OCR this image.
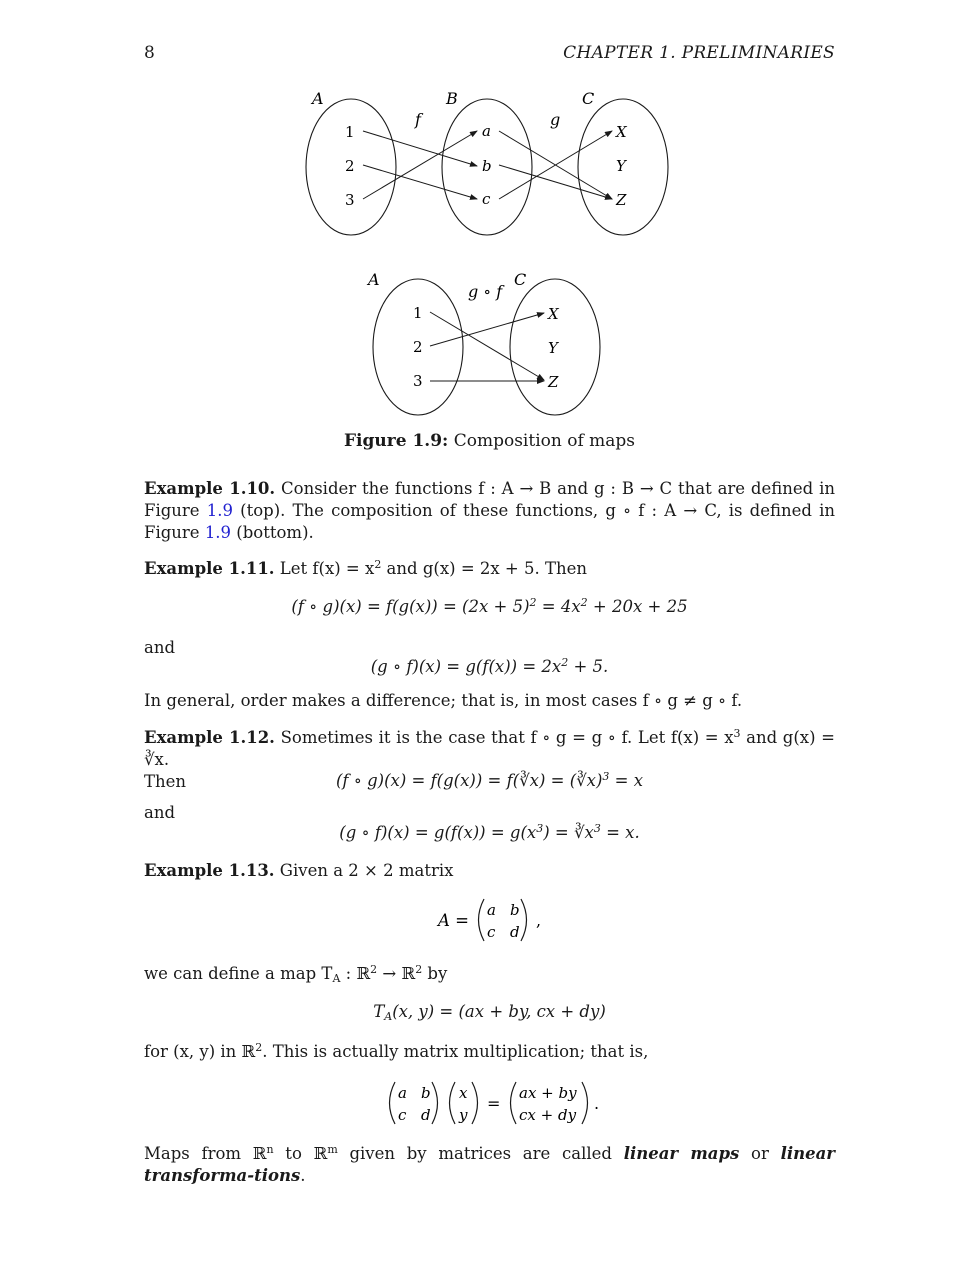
8	CHAPTER 1. PRELIMINARIES
A	B	C
f	g
1
2
3
a
b
c
X
Y
Z
A	C
g ∘ f
1
2
3
X
Y
Z
Figure 1.9: Composition of maps
Example 1.10. Consider the functions f : A → B and g : B → C that are defined in Figure 1.9 (top). The composition of these functions, g ∘ f : A → C, is defined in Figure 1.9 (bottom).
Example 1.11. Let $f(x) = x^2$ and g(x) = 2x + 5. Then
(f ∘ $g)(x) = f(g(x)) = (2x + 5)^2 = 4x^2 + 20x + 25$
and
(g ∘ $f)(x) = g(f(x)) = 2x^2 + 5$.
In general, order makes a difference; that is, in most cases f ∘ g ≠ g ∘ f.
Example 1.12. Sometimes it is the case that f ∘ g = g ∘ f. Let $f(x) = x^3$ and g(x) = ∛x.
Then	(f ∘ g)(x) = f(g(x)) = f(∛x) = (∛x)$^3$ = x
and
(g ∘ $f)(x) = g(f(x)) = g(x^3)$ = $∛x^3 = x$.
Example 1.13. Given a 2 × 2 matrix
A =
a b
c d
,
we can define a map $T_A$ : ℝ$^2$ → ℝ$^2$ by
$T_A(x$, y) = (ax + by, cx + dy)
for (x, y) in ℝ$^2$. This is actually matrix multiplication; that is,
a b
c d
x
y
=
ax + by
cx + dy
.
Maps from ℝ$^n$ to ℝ$^m$ given by matrices are called linear maps or linear transforma-tions.
